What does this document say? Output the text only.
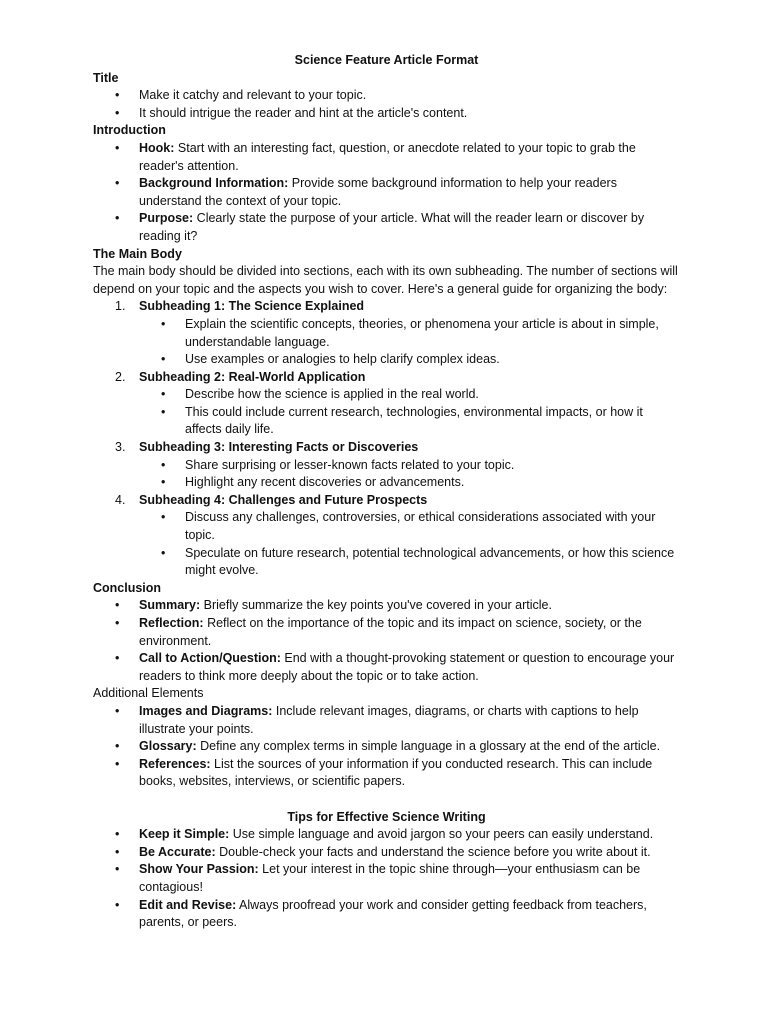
Science Feature Article Format

Title

• Make it catchy and relevant to your topic.
• It should intrigue the reader and hint at the article's content.

Introduction

• Hook: Start with an interesting fact, question, or anecdote related to your topic to grab the reader's attention.
• Background Information: Provide some background information to help your readers understand the context of your topic.
• Purpose: Clearly state the purpose of your article. What will the reader learn or discover by reading it?

The Main Body

The main body should be divided into sections, each with its own subheading. The number of sections will depend on your topic and the aspects you wish to cover. Here's a general guide for organizing the body:

1. Subheading 1: The Science Explained
• Explain the scientific concepts, theories, or phenomena your article is about in simple, understandable language.
• Use examples or analogies to help clarify complex ideas.
2. Subheading 2: Real-World Application
• Describe how the science is applied in the real world.
• This could include current research, technologies, environmental impacts, or how it affects daily life.
3. Subheading 3: Interesting Facts or Discoveries
• Share surprising or lesser-known facts related to your topic.
• Highlight any recent discoveries or advancements.
4. Subheading 4: Challenges and Future Prospects
• Discuss any challenges, controversies, or ethical considerations associated with your topic.
• Speculate on future research, potential technological advancements, or how this science might evolve.

Conclusion

• Summary: Briefly summarize the key points you've covered in your article.
• Reflection: Reflect on the importance of the topic and its impact on science, society, or the environment.
• Call to Action/Question: End with a thought-provoking statement or question to encourage your readers to think more deeply about the topic or to take action.

Additional Elements

• Images and Diagrams: Include relevant images, diagrams, or charts with captions to help illustrate your points.
• Glossary: Define any complex terms in simple language in a glossary at the end of the article.
• References: List the sources of your information if you conducted research. This can include books, websites, interviews, or scientific papers.

Tips for Effective Science Writing

• Keep it Simple: Use simple language and avoid jargon so your peers can easily understand.
• Be Accurate: Double-check your facts and understand the science before you write about it.
• Show Your Passion: Let your interest in the topic shine through—your enthusiasm can be contagious!
• Edit and Revise: Always proofread your work and consider getting feedback from teachers, parents, or peers.
